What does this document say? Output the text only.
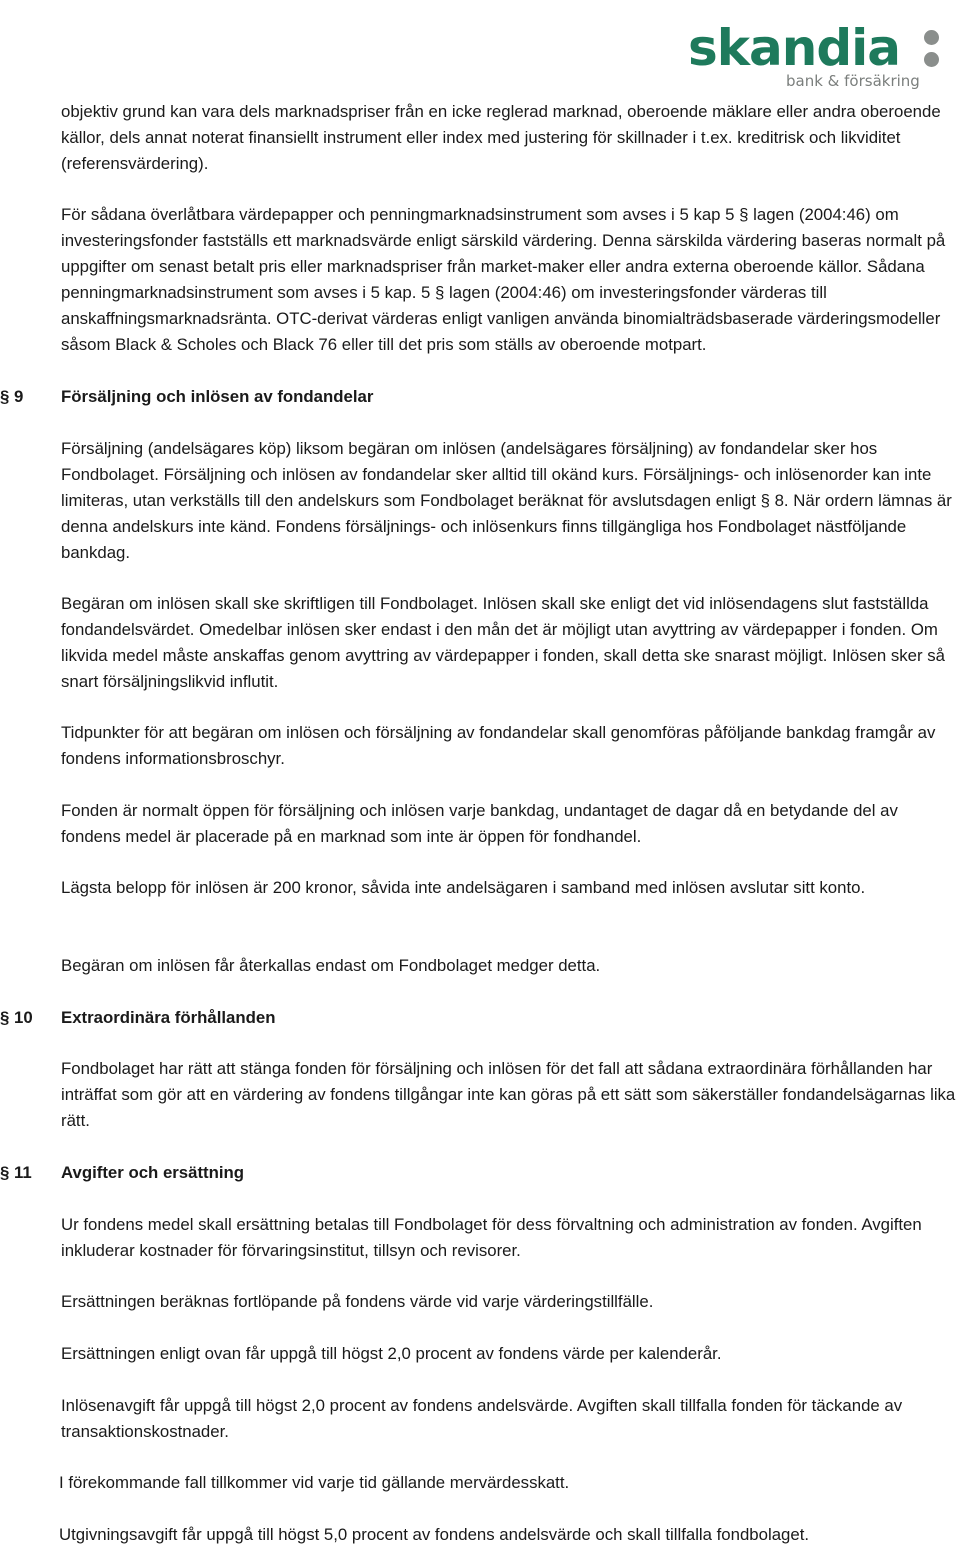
skandia
bank & försäkring

objektiv grund kan vara dels marknadspriser från en icke reglerad marknad, oberoende mäklare eller andra oberoende källor, dels annat noterat finansiellt instrument eller index med justering för skillnader i t.ex. kreditrisk och likviditet (referensvärdering).

För sådana överlåtbara värdepapper och penningmarknadsinstrument som avses i 5 kap 5 § lagen (2004:46) om investeringsfonder fastställs ett marknadsvärde enligt särskild värdering. Denna särskilda värdering baseras normalt på uppgifter om senast betalt pris eller marknadspriser från market-maker eller andra externa oberoende källor. Sådana penningmarknadsinstrument som avses i 5 kap. 5 § lagen (2004:46) om investeringsfonder värderas till anskaffningsmarknadsränta. OTC-derivat värderas enligt vanligen använda binomialträdsbaserade värderingsmodeller såsom Black & Scholes och Black 76 eller till det pris som ställs av oberoende motpart.

§ 9	Försäljning och inlösen av fondandelar

Försäljning (andelsägares köp) liksom begäran om inlösen (andelsägares försäljning) av fondandelar sker hos Fondbolaget. Försäljning och inlösen av fondandelar sker alltid till okänd kurs. Försäljnings- och inlösenorder kan inte limiteras, utan verkställs till den andelskurs som Fondbolaget beräknat för avslutsdagen enligt § 8. När ordern lämnas är denna andelskurs inte känd. Fondens försäljnings- och inlösenkurs finns tillgängliga hos Fondbolaget nästföljande bankdag.

Begäran om inlösen skall ske skriftligen till Fondbolaget. Inlösen skall ske enligt det vid inlösendagens slut fastställda fondandelsvärdet. Omedelbar inlösen sker endast i den mån det är möjligt utan avyttring av värdepapper i fonden. Om likvida medel måste anskaffas genom avyttring av värdepapper i fonden, skall detta ske snarast möjligt. Inlösen sker så snart försäljningslikvid influtit.

Tidpunkter för att begäran om inlösen och försäljning av fondandelar skall genomföras påföljande bankdag framgår av fondens informationsbroschyr.

Fonden är normalt öppen för försäljning och inlösen varje bankdag, undantaget de dagar då en betydande del av fondens medel är placerade på en marknad som inte är öppen för fondhandel.

Lägsta belopp för inlösen är 200 kronor, såvida inte andelsägaren i samband med inlösen avslutar sitt konto.

Begäran om inlösen får återkallas endast om Fondbolaget medger detta.

§ 10	Extraordinära förhållanden

Fondbolaget har rätt att stänga fonden för försäljning och inlösen för det fall att sådana extraordinära förhållanden har inträffat som gör att en värdering av fondens tillgångar inte kan göras på ett sätt som säkerställer fondandelsägarnas lika rätt.

§ 11	Avgifter och ersättning

Ur fondens medel skall ersättning betalas till Fondbolaget för dess förvaltning och administration av fonden. Avgiften inkluderar kostnader för förvaringsinstitut, tillsyn och revisorer.

Ersättningen beräknas fortlöpande på fondens värde vid varje värderingstillfälle.

Ersättningen enligt ovan får uppgå till högst 2,0 procent av fondens värde per kalenderår.

Inlösenavgift får uppgå till högst 2,0 procent av fondens andelsvärde. Avgiften skall tillfalla fonden för täckande av transaktionskostnader.

I förekommande fall tillkommer vid varje tid gällande mervärdesskatt.

Utgivningsavgift får uppgå till högst 5,0 procent av fondens andelsvärde och skall tillfalla fondbolaget.
